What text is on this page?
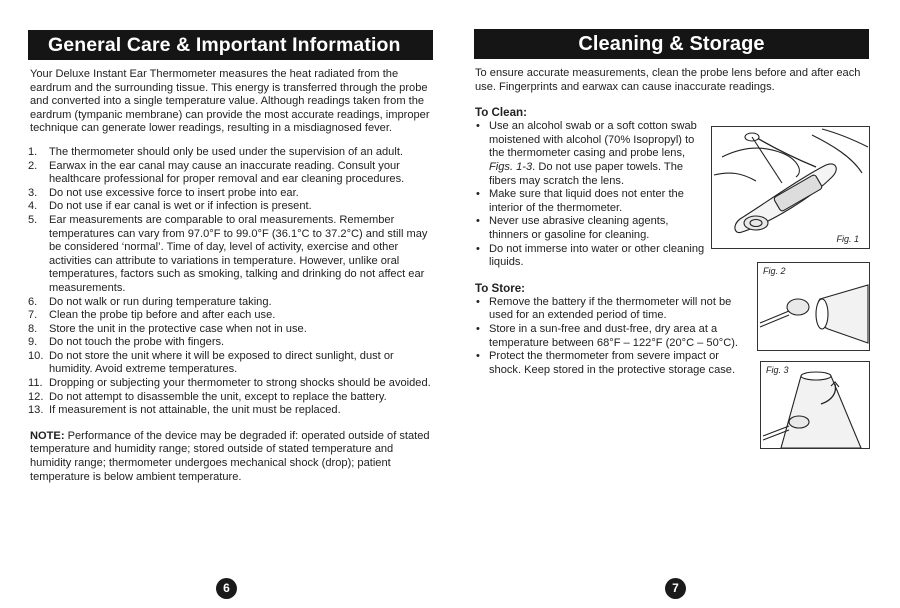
General Care & Important Information
Your Deluxe Instant Ear Thermometer measures the heat radiated from the eardrum and the surrounding tissue. This energy is transferred through the probe and converted into a single temperature value. Although readings taken from the eardrum (tympanic membrane) can provide the most accurate readings, improper technique can generate lower readings, resulting in a misdiagnosed fever.
1. The thermometer should only be used under the supervision of an adult.
2. Earwax in the ear canal may cause an inaccurate reading. Consult your healthcare professional for proper removal and ear cleaning procedures.
3. Do not use excessive force to insert probe into ear.
4. Do not use if ear canal is wet or if infection is present.
5. Ear measurements are comparable to oral measurements. Remember temperatures can vary from 97.0°F to 99.0°F (36.1°C to 37.2°C) and still may be considered ‘normal’. Time of day, level of activity, exercise and other activities can attribute to variations in temperature. However, unlike oral temperatures, factors such as smoking, talking and drinking do not affect ear measurements.
6. Do not walk or run during temperature taking.
7. Clean the probe tip before and after each use.
8. Store the unit in the protective case when not in use.
9. Do not touch the probe with fingers.
10. Do not store the unit where it will be exposed to direct sunlight, dust or humidity. Avoid extreme temperatures.
11. Dropping or subjecting your thermometer to strong shocks should be avoided.
12. Do not attempt to disassemble the unit, except to replace the battery.
13. If measurement is not attainable, the unit must be replaced.
NOTE: Performance of the device may be degraded if: operated outside of stated temperature and humidity range; stored outside of stated temperature and humidity range; thermometer undergoes mechanical shock (drop); patient temperature is below ambient temperature.
6
Cleaning & Storage
To ensure accurate measurements, clean the probe lens before and after each use. Fingerprints and earwax can cause inaccurate readings.
To Clean:
• Use an alcohol swab or a soft cotton swab moistened with alcohol (70% Isopropyl) to the thermometer casing and probe lens, Figs. 1-3. Do not use paper towels. The fibers may scratch the lens.
• Make sure that liquid does not enter the interior of the thermometer.
• Never use abrasive cleaning agents, thinners or gasoline for cleaning.
• Do not immerse into water or other cleaning liquids.
To Store:
• Remove the battery if the thermometer will not be used for an extended period of time.
• Store in a sun-free and dust-free, dry area at a temperature between 68°F – 122°F (20°C – 50°C).
• Protect the thermometer from severe impact or shock. Keep stored in the protective storage case.
Fig. 1
Fig. 2
Fig. 3
7
